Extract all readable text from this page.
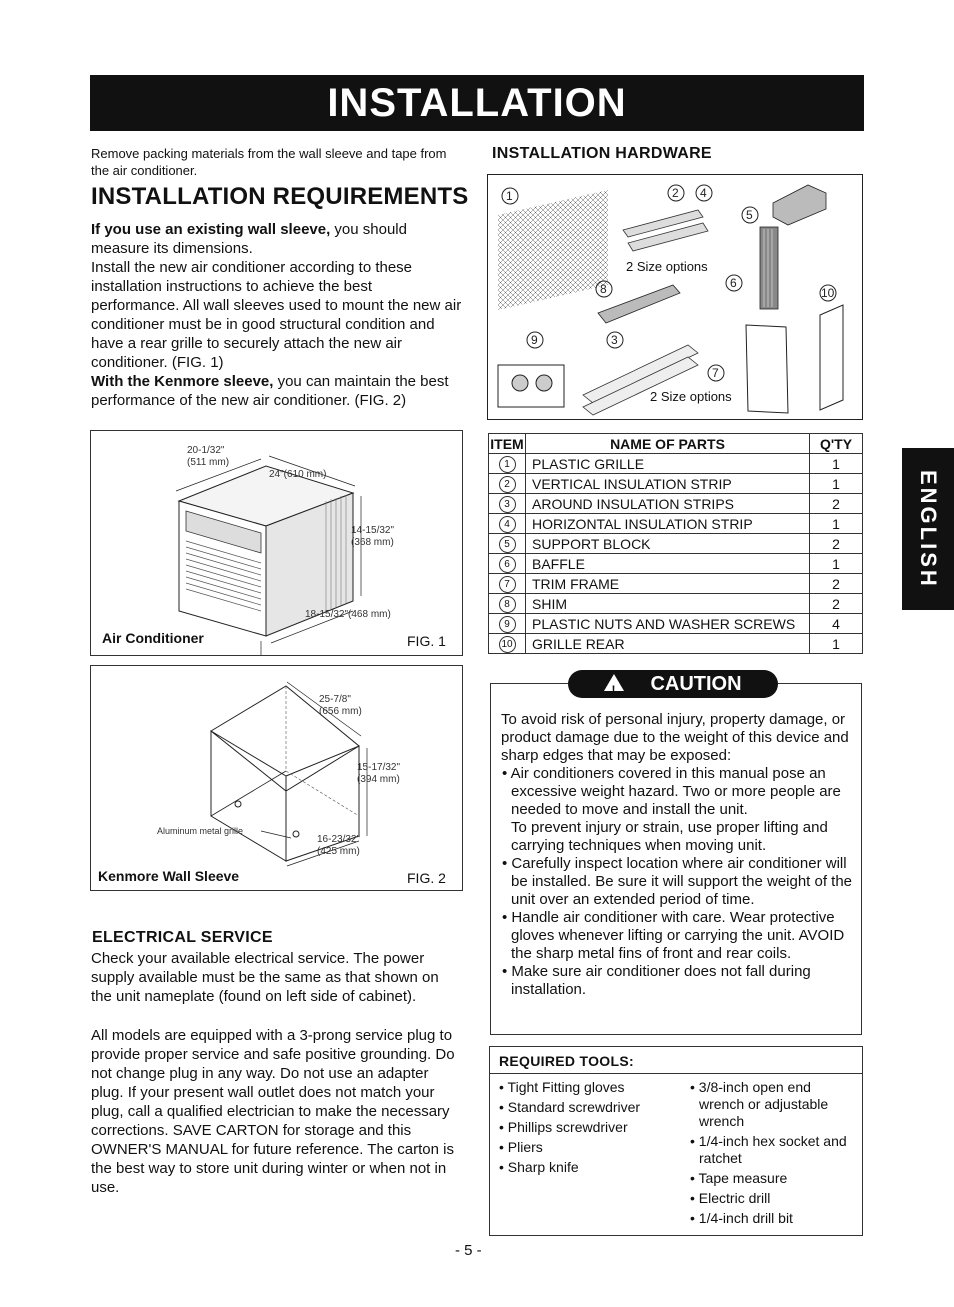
INSTALLATION
ENGLISH
Remove packing materials from the wall sleeve and tape from the air conditioner.
INSTALLATION REQUIREMENTS
If you use an existing wall sleeve, you should measure its dimensions.
Install the new air conditioner according to these installation instructions to achieve the best performance. All wall sleeves used to mount the new air conditioner must be in good structural condition and have a rear grille to securely attach the new air conditioner. (FIG. 1)
With the Kenmore sleeve, you can maintain the best performance of the new air conditioner. (FIG. 2)
20-1/32"
(511 mm)
24"(610 mm)
14-15/32"
(368 mm)
18-15/32"(468 mm)
Air Conditioner	FIG. 1
25-7/8"
(656 mm)
15-17/32"
(394 mm)
16-23/32"
(425 mm)
Aluminum metal grille
Kenmore Wall Sleeve	FIG. 2
ELECTRICAL SERVICE
Check your available electrical service. The power supply available must be the same as that shown on the unit nameplate (found on left side of cabinet).
All models are equipped with a 3-prong service plug to provide proper service and safe positive grounding. Do not change plug in any way. Do not use an adapter plug. If your present wall outlet does not match your plug, call a qualified electrician to make the necessary corrections. SAVE CARTON for storage and this OWNER'S MANUAL for future reference. The carton is the best way to store unit during winter or when not in use.
INSTALLATION HARDWARE
1	2 4
5
6
8	10
9	3
7
2 Size options
2 Size options
ITEM	NAME OF PARTS	Q'TY
1	PLASTIC GRILLE	1
2	VERTICAL INSULATION STRIP	1
3	AROUND INSULATION STRIPS	2
4	HORIZONTAL INSULATION STRIP	1
5	SUPPORT BLOCK	2
6	BAFFLE	1
7	TRIM FRAME	2
8	SHIM	2
9	PLASTIC NUTS AND WASHER SCREWS	4
10	GRILLE REAR	1
!CAUTION

To avoid risk of personal injury, property damage, or product damage due to the weight of this device and sharp edges that may be exposed:

• Air conditioners covered in this manual pose an excessive weight hazard. Two or more people are needed to move and install the unit.
To prevent injury or strain, use proper lifting and carrying techniques when moving unit.
• Carefully inspect location where air conditioner will be installed. Be sure it will support the weight of the unit over an extended period of time.
• Handle air conditioner with care. Wear protective gloves whenever lifting or carrying the unit. AVOID the sharp metal fins of front and rear coils.
• Make sure air conditioner does not fall during installation.
REQUIRED TOOLS:
• Tight Fitting gloves
• Standard screwdriver
• Phillips screwdriver
• Pliers
• Sharp knife
• 3/8-inch open end wrench or adjustable wrench
• 1/4-inch hex socket and ratchet
• Tape measure
• Electric drill
• 1/4-inch drill bit
- 5 -
